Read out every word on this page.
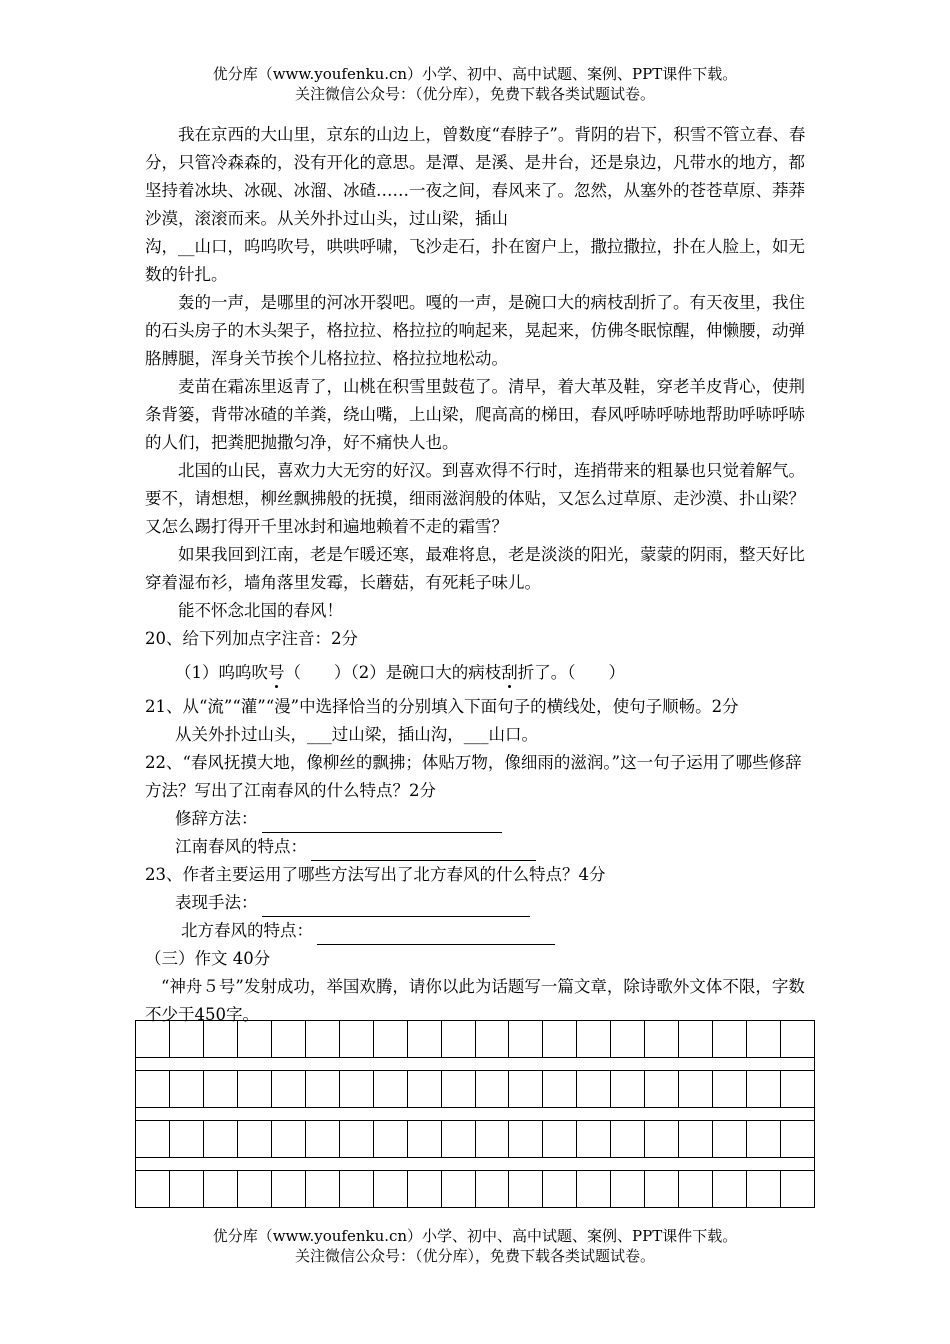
优分库（www.youfenku.cn）小学、初中、高中试题、案例、PPT课件下载。
关注微信公众号：（优分库），免费下载各类试题试卷。

我在京西的大山里，京东的山边上，曾数度“春脖子”。背阴的岩下，积雪不管立春、春分，只管冷森森的，没有开化的意思。是潭、是溪、是井台，还是泉边，凡带水的地方，都坚持着冰块、冰砚、冰溜、冰碴……一夜之间，春风来了。忽然，从塞外的苍苍草原、莽莽沙漠，滚滚而来。从关外扑过山头，过山梁，插山

沟，__山口，呜呜吹号，哄哄呼啸，飞沙走石，扑在窗户上，撒拉撒拉，扑在人脸上，如无数的针扎。

轰的一声，是哪里的河冰开裂吧。嘎的一声，是碗口大的病枝刮折了。有天夜里，我住的石头房子的木头架子，格拉拉、格拉拉的响起来，晃起来，仿佛冬眠惊醒，伸懒腰，动弹胳膊腿，浑身关节挨个儿格拉拉、格拉拉地松动。

麦苗在霜冻里返青了，山桃在积雪里鼓苞了。清早，着大革及鞋，穿老羊皮背心，使荆条背篓，背带冰碴的羊粪，绕山嘴，上山梁，爬高高的梯田，春风呼哧呼哧地帮助呼哧呼哧的人们，把粪肥抛撒匀净，好不痛快人也。

北国的山民，喜欢力大无穷的好汉。到喜欢得不行时，连捎带来的粗暴也只觉着解气。要不，请想想，柳丝飘拂般的抚摸，细雨滋润般的体贴，又怎么过草原、走沙漠、扑山梁？又怎么踢打得开千里冰封和遍地赖着不走的霜雪？

如果我回到江南，老是乍暖还寒，最难将息，老是淡淡的阳光，蒙蒙的阴雨，整天好比穿着湿布衫，墙角落里发霉，长蘑菇，有死耗子味儿。

能不怀念北国的春风！

20、给下列加点字注音：2分

（1）呜呜吹号（　　）（2）是碗口大的病枝刮折了。（　　）

21、从“流”“灌”“漫”中选择恰当的分别填入下面句子的横线处，使句子顺畅。2分

从关外扑过山头，___过山梁，插山沟，___山口。

22、“春风抚摸大地，像柳丝的飘拂；体贴万物，像细雨的滋润。”这一句子运用了哪些修辞方法？写出了江南春风的什么特点？2分

修辞方法：

江南春风的特点：

23、作者主要运用了哪些方法写出了北方春风的什么特点？4分

表现手法：

北方春风的特点：

（三）作文 40分

“神舟５号”发射成功，举国欢腾，请你以此为话题写一篇文章，除诗歌外文体不限，字数不少于450字。

优分库（www.youfenku.cn）小学、初中、高中试题、案例、PPT课件下载。
关注微信公众号：（优分库），免费下载各类试题试卷。
